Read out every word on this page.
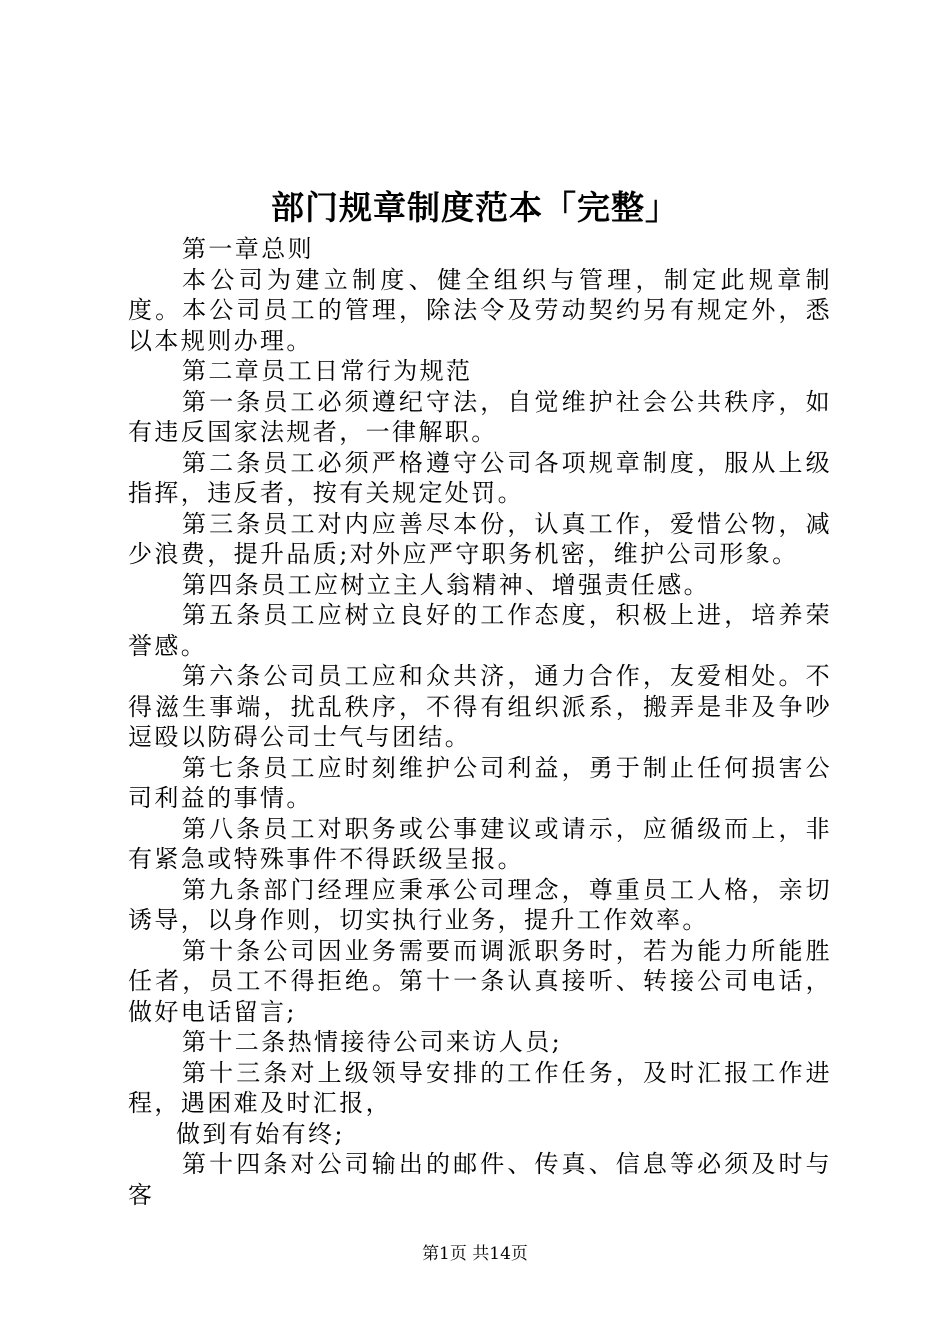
部门规章制度范本「完整」

第一章总则

本公司为建立制度、健全组织与管理，制定此规章制度。本公司员工的管理，除法令及劳动契约另有规定外，悉以本规则办理。

第二章员工日常行为规范

第一条员工必须遵纪守法，自觉维护社会公共秩序，如有违反国家法规者，一律解职。

第二条员工必须严格遵守公司各项规章制度，服从上级指挥，违反者，按有关规定处罚。

第三条员工对内应善尽本份，认真工作，爱惜公物，减少浪费，提升品质;对外应严守职务机密，维护公司形象。

第四条员工应树立主人翁精神、增强责任感。

第五条员工应树立良好的工作态度，积极上进，培养荣誉感。

第六条公司员工应和众共济，通力合作，友爱相处。不得滋生事端，扰乱秩序，不得有组织派系，搬弄是非及争吵逗殴以防碍公司士气与团结。

第七条员工应时刻维护公司利益，勇于制止任何损害公司利益的事情。

第八条员工对职务或公事建议或请示，应循级而上，非有紧急或特殊事件不得跃级呈报。

第九条部门经理应秉承公司理念，尊重员工人格，亲切诱导，以身作则，切实执行业务，提升工作效率。

第十条公司因业务需要而调派职务时，若为能力所能胜任者，员工不得拒绝。第十一条认真接听、转接公司电话，做好电话留言;

第十二条热情接待公司来访人员;

第十三条对上级领导安排的工作任务，及时汇报工作进程，遇困难及时汇报，

做到有始有终;

第十四条对公司输出的邮件、传真、信息等必须及时与客

第1页 共14页
